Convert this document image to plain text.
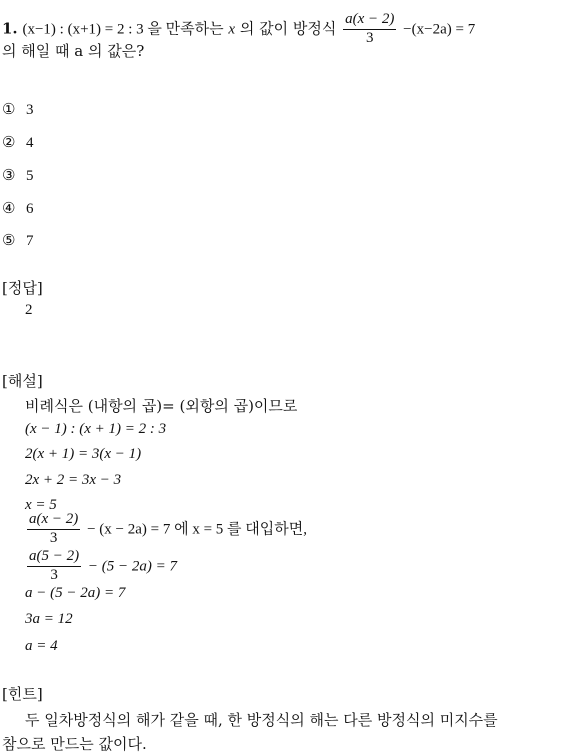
1. (x−1) : (x+1) = 2 : 3 을 만족하는 x 의 값이 방정식 $\frac{a(x - 2)}{3} -(x-2a) = 7$
의 해일 때 a 의 값은?
① 3
② 4
③ 5
④ 6
⑤ 7
[정답]
2
[해설]
비례식은 (내항의 곱)= (외항의 곱)이므로
(x − 1) : (x + 1) = 2 : 3
2(x + 1) = 3(x − 1)
2x + 2 = 3x − 3
x = 5
$\frac{a(x - 2)}{3} - (x - 2a) = 7$ 에 x = 5 를 대입하면,
$\frac{a(5 - 2)}{3} - (5 - 2a) = 7$
a − (5 − 2a) = 7
3a = 12
a = 4
[힌트]
두 일차방정식의 해가 같을 때, 한 방정식의 해는 다른 방정식의 미지수를
참으로 만드는 값이다.
